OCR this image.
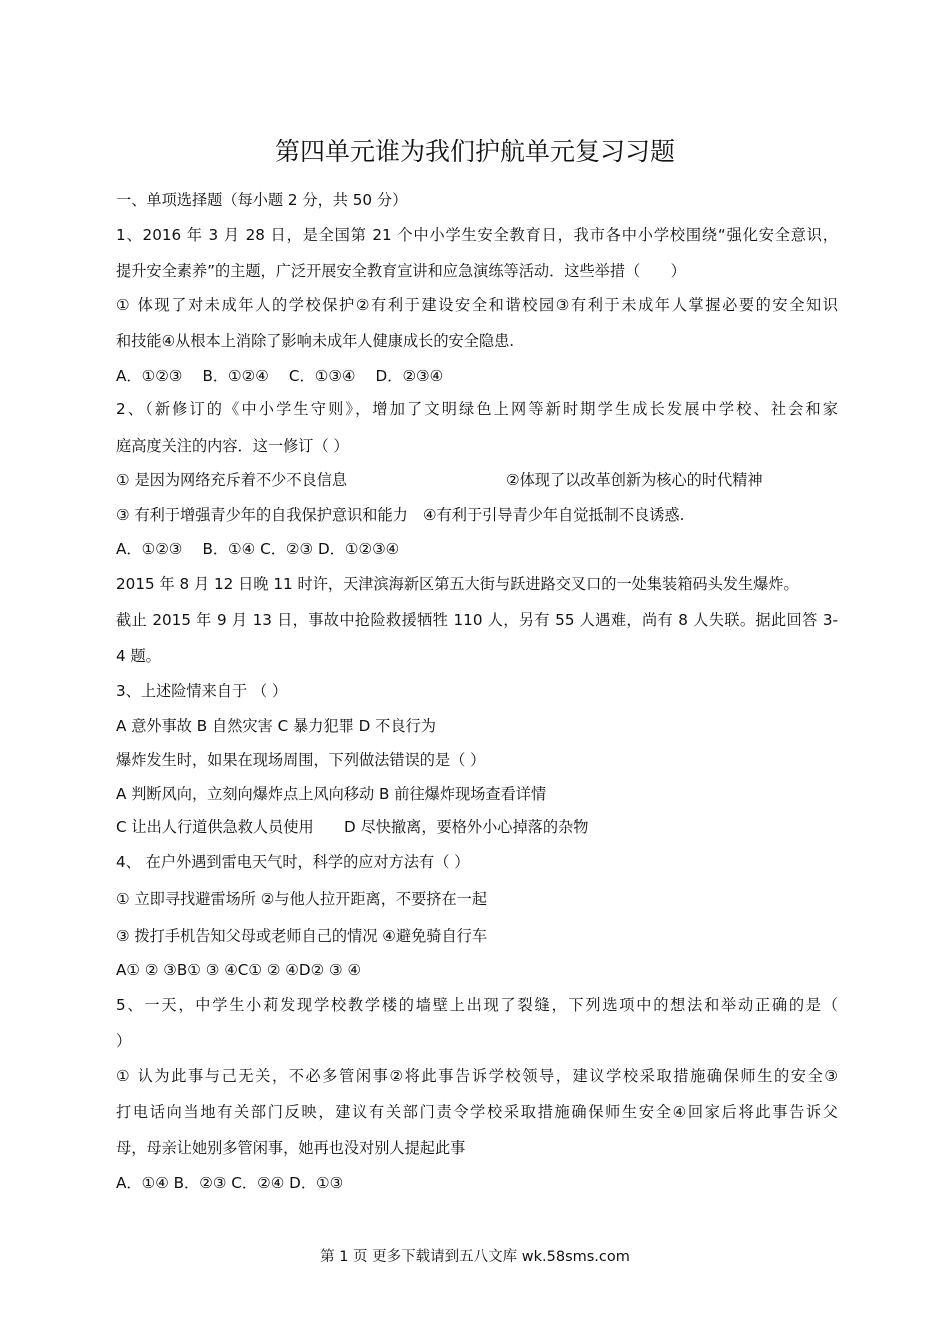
第四单元谁为我们护航单元复习习题
一、单项选择题（每小题 2 分，共 50 分）
1、2016 年 3 月 28 日，是全国第 21 个中小学生安全教育日，我市各中小学校围绕“强化安全意识，
提升安全素养”的主题，广泛开展安全教育宣讲和应急演练等活动．这些举措（　　）
① 体现了对未成年人的学校保护②有利于建设安全和谐校园③有利于未成年人掌握必要的安全知识
和技能④从根本上消除了影响未成年人健康成长的安全隐患.
A．①②③　 B．①②④　 C．①③④　 D．②③④
2、（新修订的《中小学生守则》，增加了文明绿色上网等新时期学生成长发展中学校、社会和家
庭高度关注的内容．这一修订（ ）
① 是因为网络充斥着不少不良信息	②体现了以改革创新为核心的时代精神
③ 有利于增强青少年的自我保护意识和能力　④有利于引导青少年自觉抵制不良诱惑.
A．①②③　 B．①④ C．②③ D．①②③④
2015 年 8 月 12 日晚 11 时许，天津滨海新区第五大街与跃进路交叉口的一处集装箱码头发生爆炸。
截止 2015 年 9 月 13 日，事故中抢险救援牺牲 110 人，另有 55 人遇难，尚有 8 人失联。据此回答 3-
4 题。
3、上述险情来自于 （ ）
A 意外事故 B 自然灾害 C 暴力犯罪 D 不良行为
爆炸发生时，如果在现场周围，下列做法错误的是（ ）
A 判断风向，立刻向爆炸点上风向移动 B 前往爆炸现场查看详情
C 让出人行道供急救人员使用　　D 尽快撤离，要格外小心掉落的杂物
4、 在户外遇到雷电天气时，科学的应对方法有（ ）
① 立即寻找避雷场所 ②与他人拉开距离，不要挤在一起
③ 拨打手机告知父母或老师自己的情况 ④避免骑自行车
A① ② ③B① ③ ④C① ② ④D② ③ ④
5、一天，中学生小莉发现学校教学楼的墙壁上出现了裂缝，下列选项中的想法和举动正确的是（
）
① 认为此事与己无关，不必多管闲事②将此事告诉学校领导，建议学校采取措施确保师生的安全③
打电话向当地有关部门反映，建议有关部门责令学校采取措施确保师生安全④回家后将此事告诉父
母，母亲让她别多管闲事，她再也没对别人提起此事
A．①④ B．②③ C．②④ D．①③
第 1 页 更多下载请到五八文库 wk.58sms.com
